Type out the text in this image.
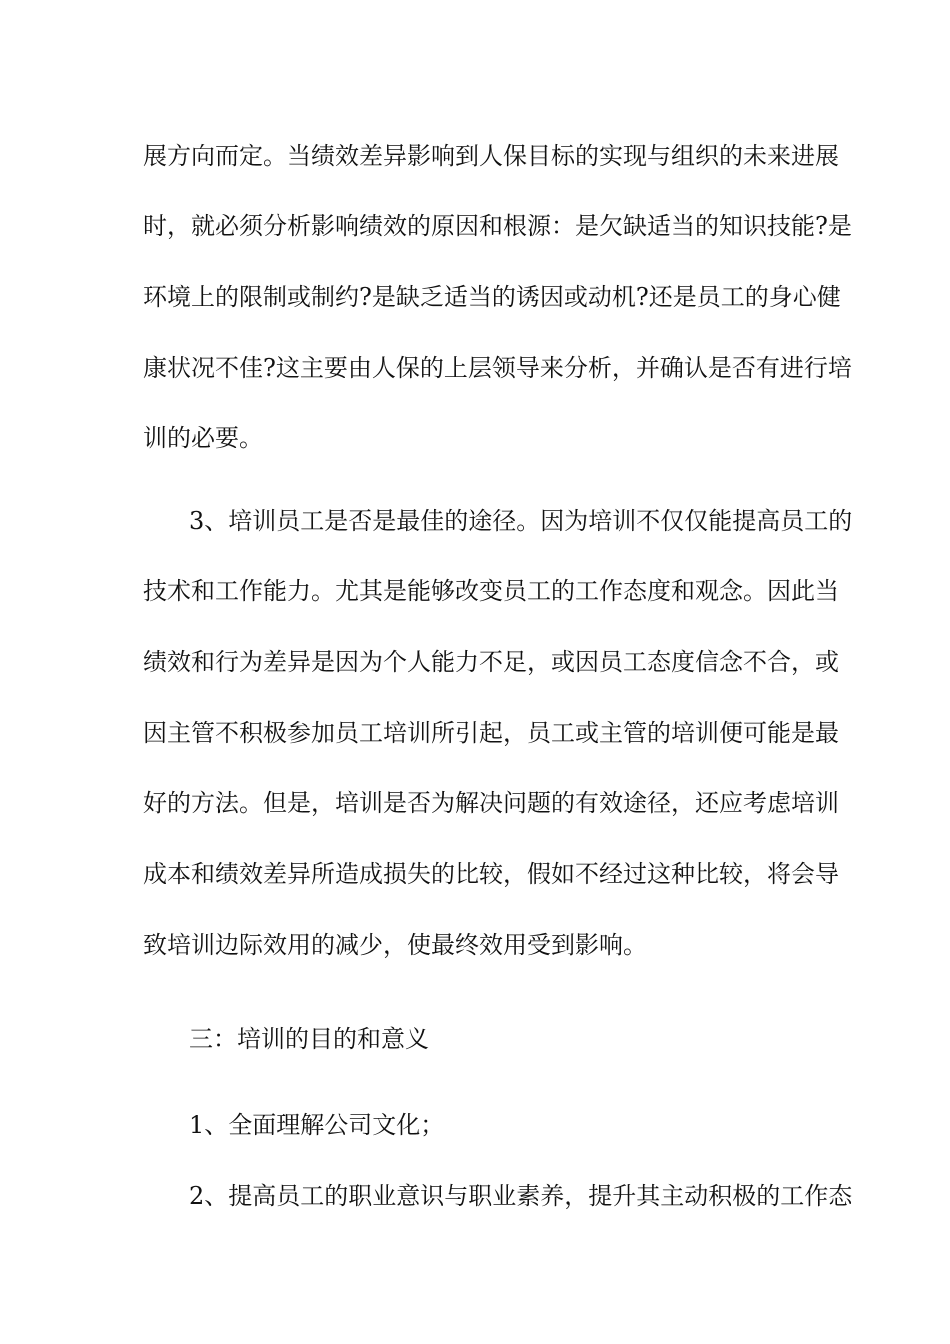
展方向而定。当绩效差异影响到人保目标的实现与组织的未来进展
时，就必须分析影响绩效的原因和根源：是欠缺适当的知识技能?是
环境上的限制或制约?是缺乏适当的诱因或动机?还是员工的身心健
康状况不佳?这主要由人保的上层领导来分析，并确认是否有进行培
训的必要。
3、培训员工是否是最佳的途径。因为培训不仅仅能提高员工的
技术和工作能力。尤其是能够改变员工的工作态度和观念。因此当
绩效和行为差异是因为个人能力不足，或因员工态度信念不合，或
因主管不积极参加员工培训所引起，员工或主管的培训便可能是最
好的方法。但是，培训是否为解决问题的有效途径，还应考虑培训
成本和绩效差异所造成损失的比较，假如不经过这种比较，将会导
致培训边际效用的减少，使最终效用受到影响。
三：培训的目的和意义
1、全面理解公司文化；
2、提高员工的职业意识与职业素养，提升其主动积极的工作态
